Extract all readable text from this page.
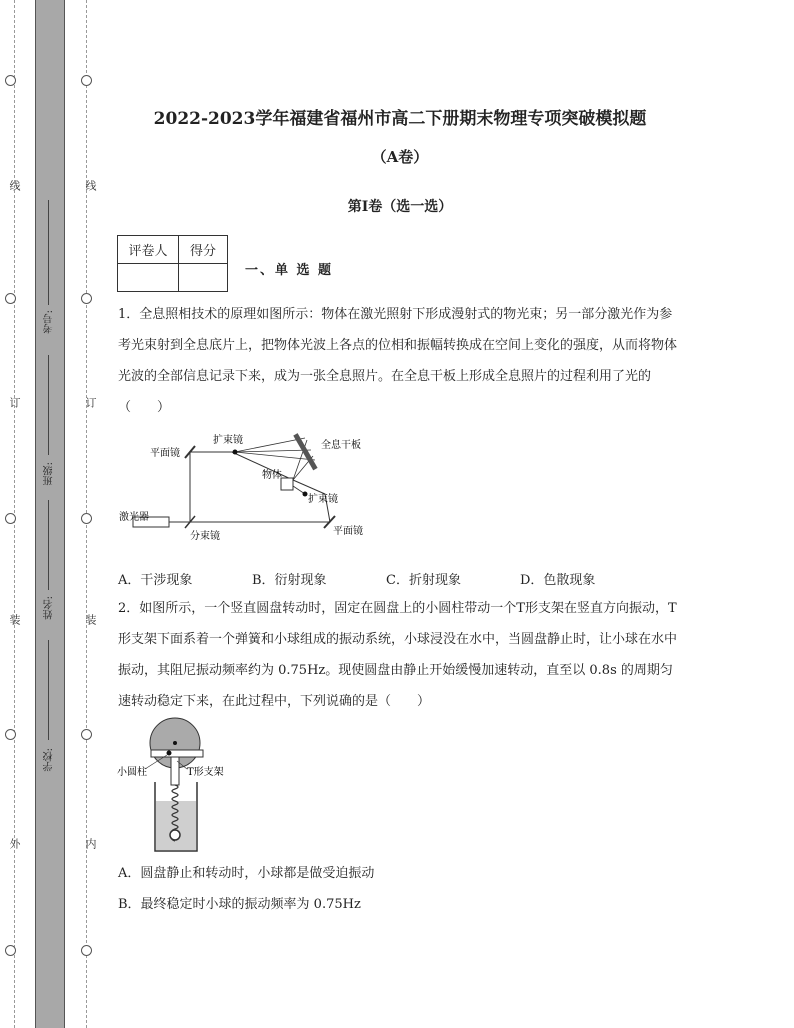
线
订
装
外
线
订
装
内
考号:
班级:
姓名:
学校:
2022-2023学年福建省福州市高二下册期末物理专项突破模拟题
（A卷）
第I卷（选一选）
评卷人	得分

一、单 选 题
1．全息照相技术的原理如图所示：物体在激光照射下形成漫射式的物光束；另一部分激光作为参考光束射到全息底片上，把物体光波上各点的位相和振幅转换成在空间上变化的强度，从而将物体光波的全部信息记录下来，成为一张全息照片。在全息干板上形成全息照片的过程利用了光的（　　）
平面镜
扩束镜	全息干板
物体
扩束镜
激光器
分束镜	平面镜
A．干涉现象	B．衍射现象	C．折射现象	D．色散现象
2．如图所示，一个竖直圆盘转动时，固定在圆盘上的小圆柱带动一个T形支架在竖直方向振动，T形支架下面系着一个弹簧和小球组成的振动系统，小球浸没在水中，当圆盘静止时，让小球在水中振动，其阻尼振动频率约为 0.75Hz。现使圆盘由静止开始缓慢加速转动，直至以 0.8s 的周期匀速转动稳定下来，在此过程中，下列说确的是（　　）
小圆柱	T形支架
A．圆盘静止和转动时，小球都是做受迫振动
B．最终稳定时小球的振动频率为 0.75Hz
